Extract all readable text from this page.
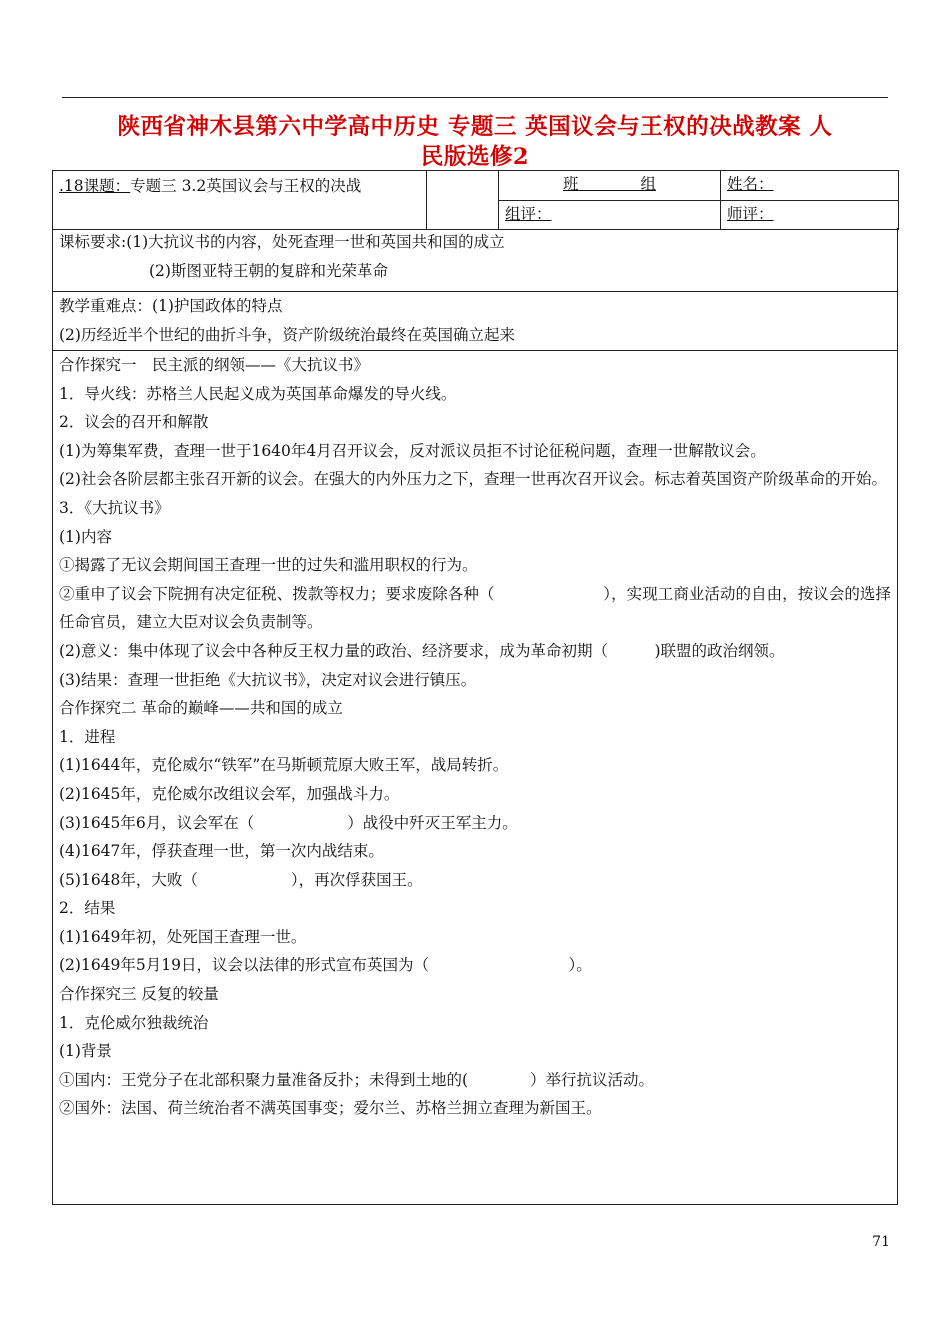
陕西省神木县第六中学高中历史 专题三 英国议会与王权的决战教案 人
民版选修2
.18课题：专题三 3.2英国议会与王权的决战		班　　　　组	姓名：
		组评：	师评：
课标要求:(1)大抗议书的内容，处死查理一世和英国共和国的成立
(2)斯图亚特王朝的复辟和光荣革命
教学重难点：(1)护国政体的特点
(2)历经近半个世纪的曲折斗争，资产阶级统治最终在英国确立起来
合作探究一　民主派的纲领——《大抗议书》
1．导火线：苏格兰人民起义成为英国革命爆发的导火线。
2．议会的召开和解散
(1)为筹集军费，查理一世于1640年4月召开议会，反对派议员拒不讨论征税问题，查理一世解散议会。
(2)社会各阶层都主张召开新的议会。在强大的内外压力之下，查理一世再次召开议会。标志着英国资产阶级革命的开始。
3．《大抗议书》
(1)内容
①揭露了无议会期间国王查理一世的过失和滥用职权的行为。
②重申了议会下院拥有决定征税、拨款等权力；要求废除各种（　　　　　　　），实现工商业活动的自由，按议会的选择任命官员，建立大臣对议会负责制等。
(2)意义：集中体现了议会中各种反王权力量的政治、经济要求，成为革命初期（　　　)联盟的政治纲领。
(3)结果：查理一世拒绝《大抗议书》，决定对议会进行镇压。
合作探究二 革命的巅峰——共和国的成立
1．进程
(1)1644年，克伦威尔“铁军”在马斯顿荒原大败王军，战局转折。
(2)1645年，克伦威尔改组议会军，加强战斗力。
(3)1645年6月，议会军在（　　　　　　）战役中歼灭王军主力。
(4)1647年，俘获查理一世，第一次内战结束。
(5)1648年，大败（　　　　　　），再次俘获国王。
2．结果
(1)1649年初，处死国王查理一世。
(2)1649年5月19日，议会以法律的形式宣布英国为（　　　　　　　　　）。
合作探究三 反复的较量
1．克伦威尔独裁统治
(1)背景
①国内：王党分子在北部积聚力量准备反扑；未得到土地的(　　　　）举行抗议活动。
②国外：法国、荷兰统治者不满英国事变；爱尔兰、苏格兰拥立查理为新国王。
71
